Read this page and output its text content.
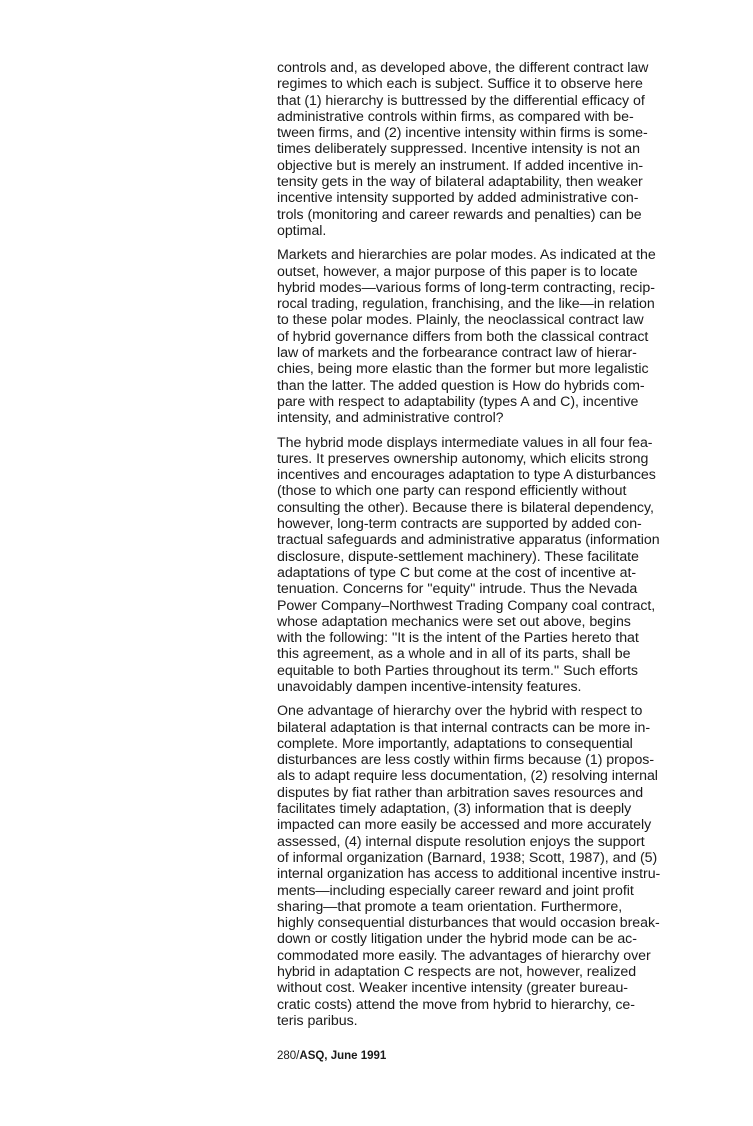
controls and, as developed above, the different contract law
regimes to which each is subject. Suffice it to observe here
that (1) hierarchy is buttressed by the differential efficacy of
administrative controls within firms, as compared with be-
tween firms, and (2) incentive intensity within firms is some-
times deliberately suppressed. Incentive intensity is not an
objective but is merely an instrument. If added incentive in-
tensity gets in the way of bilateral adaptability, then weaker
incentive intensity supported by added administrative con-
trols (monitoring and career rewards and penalties) can be
optimal.

Markets and hierarchies are polar modes. As indicated at the
outset, however, a major purpose of this paper is to locate
hybrid modes—various forms of long-term contracting, recip-
rocal trading, regulation, franchising, and the like—in relation
to these polar modes. Plainly, the neoclassical contract law
of hybrid governance differs from both the classical contract
law of markets and the forbearance contract law of hierar-
chies, being more elastic than the former but more legalistic
than the latter. The added question is How do hybrids com-
pare with respect to adaptability (types A and C), incentive
intensity, and administrative control?

The hybrid mode displays intermediate values in all four fea-
tures. It preserves ownership autonomy, which elicits strong
incentives and encourages adaptation to type A disturbances
(those to which one party can respond efficiently without
consulting the other). Because there is bilateral dependency,
however, long-term contracts are supported by added con-
tractual safeguards and administrative apparatus (information
disclosure, dispute-settlement machinery). These facilitate
adaptations of type C but come at the cost of incentive at-
tenuation. Concerns for ''equity'' intrude. Thus the Nevada
Power Company–Northwest Trading Company coal contract,
whose adaptation mechanics were set out above, begins
with the following: ''It is the intent of the Parties hereto that
this agreement, as a whole and in all of its parts, shall be
equitable to both Parties throughout its term.'' Such efforts
unavoidably dampen incentive-intensity features.

One advantage of hierarchy over the hybrid with respect to
bilateral adaptation is that internal contracts can be more in-
complete. More importantly, adaptations to consequential
disturbances are less costly within firms because (1) propos-
als to adapt require less documentation, (2) resolving internal
disputes by fiat rather than arbitration saves resources and
facilitates timely adaptation, (3) information that is deeply
impacted can more easily be accessed and more accurately
assessed, (4) internal dispute resolution enjoys the support
of informal organization (Barnard, 1938; Scott, 1987), and (5)
internal organization has access to additional incentive instru-
ments—including especially career reward and joint profit
sharing—that promote a team orientation. Furthermore,
highly consequential disturbances that would occasion break-
down or costly litigation under the hybrid mode can be ac-
commodated more easily. The advantages of hierarchy over
hybrid in adaptation C respects are not, however, realized
without cost. Weaker incentive intensity (greater bureau-
cratic costs) attend the move from hybrid to hierarchy, ce-
teris paribus.

280/ASQ, June 1991
